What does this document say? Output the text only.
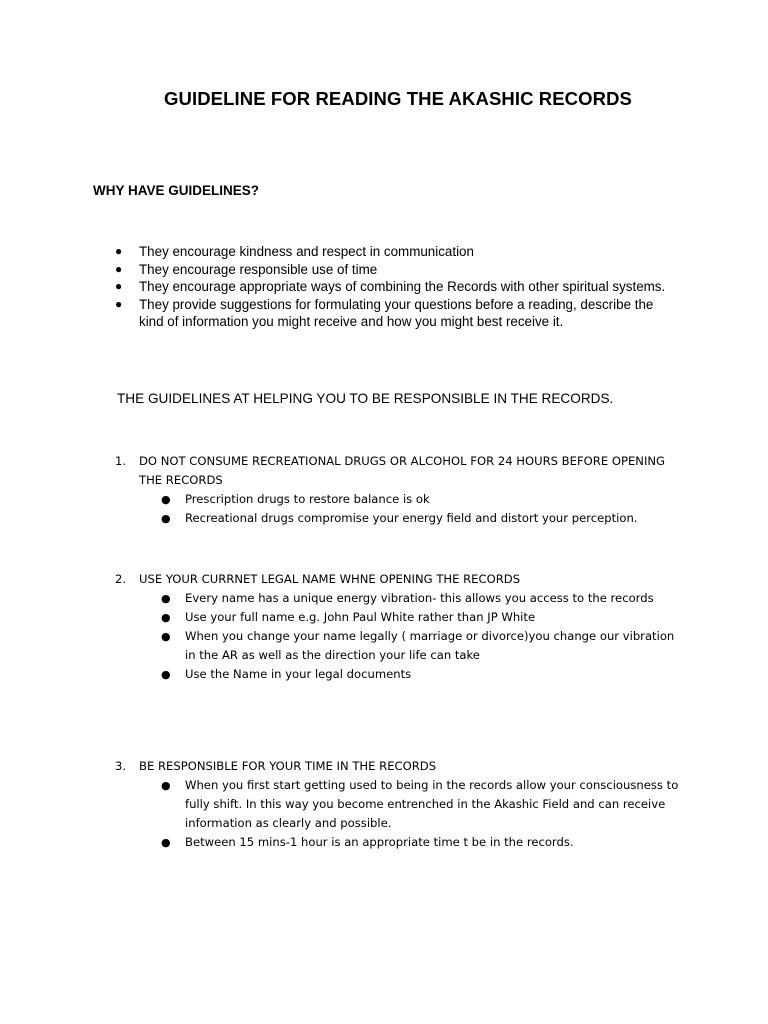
GUIDELINE FOR READING THE AKASHIC RECORDS
WHY HAVE GUIDELINES?
● They encourage kindness and respect in communication
● They encourage responsible use of time
● They encourage appropriate ways of combining the Records with other spiritual systems.
● They provide suggestions for formulating your questions before a reading, describe the kind of information you might receive and how you might best receive it.

THE GUIDELINES AT HELPING YOU TO BE RESPONSIBLE IN THE RECORDS.

1. DO NOT CONSUME RECREATIONAL DRUGS OR ALCOHOL FOR 24 HOURS BEFORE OPENING THE RECORDS
● Prescription drugs to restore balance is ok
● Recreational drugs compromise your energy field and distort your perception.
2. USE YOUR CURRNET LEGAL NAME WHNE OPENING THE RECORDS
● Every name has a unique energy vibration- this allows you access to the records
● Use your full name e.g. John Paul White rather than JP White
● When you change your name legally ( marriage or divorce)you change our vibration in the AR as well as the direction your life can take
● Use the Name in your legal documents
3. BE RESPONSIBLE FOR YOUR TIME IN THE RECORDS
● When you first start getting used to being in the records allow your consciousness to fully shift. In this way you become entrenched in the Akashic Field and can receive information as clearly and possible.
● Between 15 mins-1 hour is an appropriate time t be in the records.
